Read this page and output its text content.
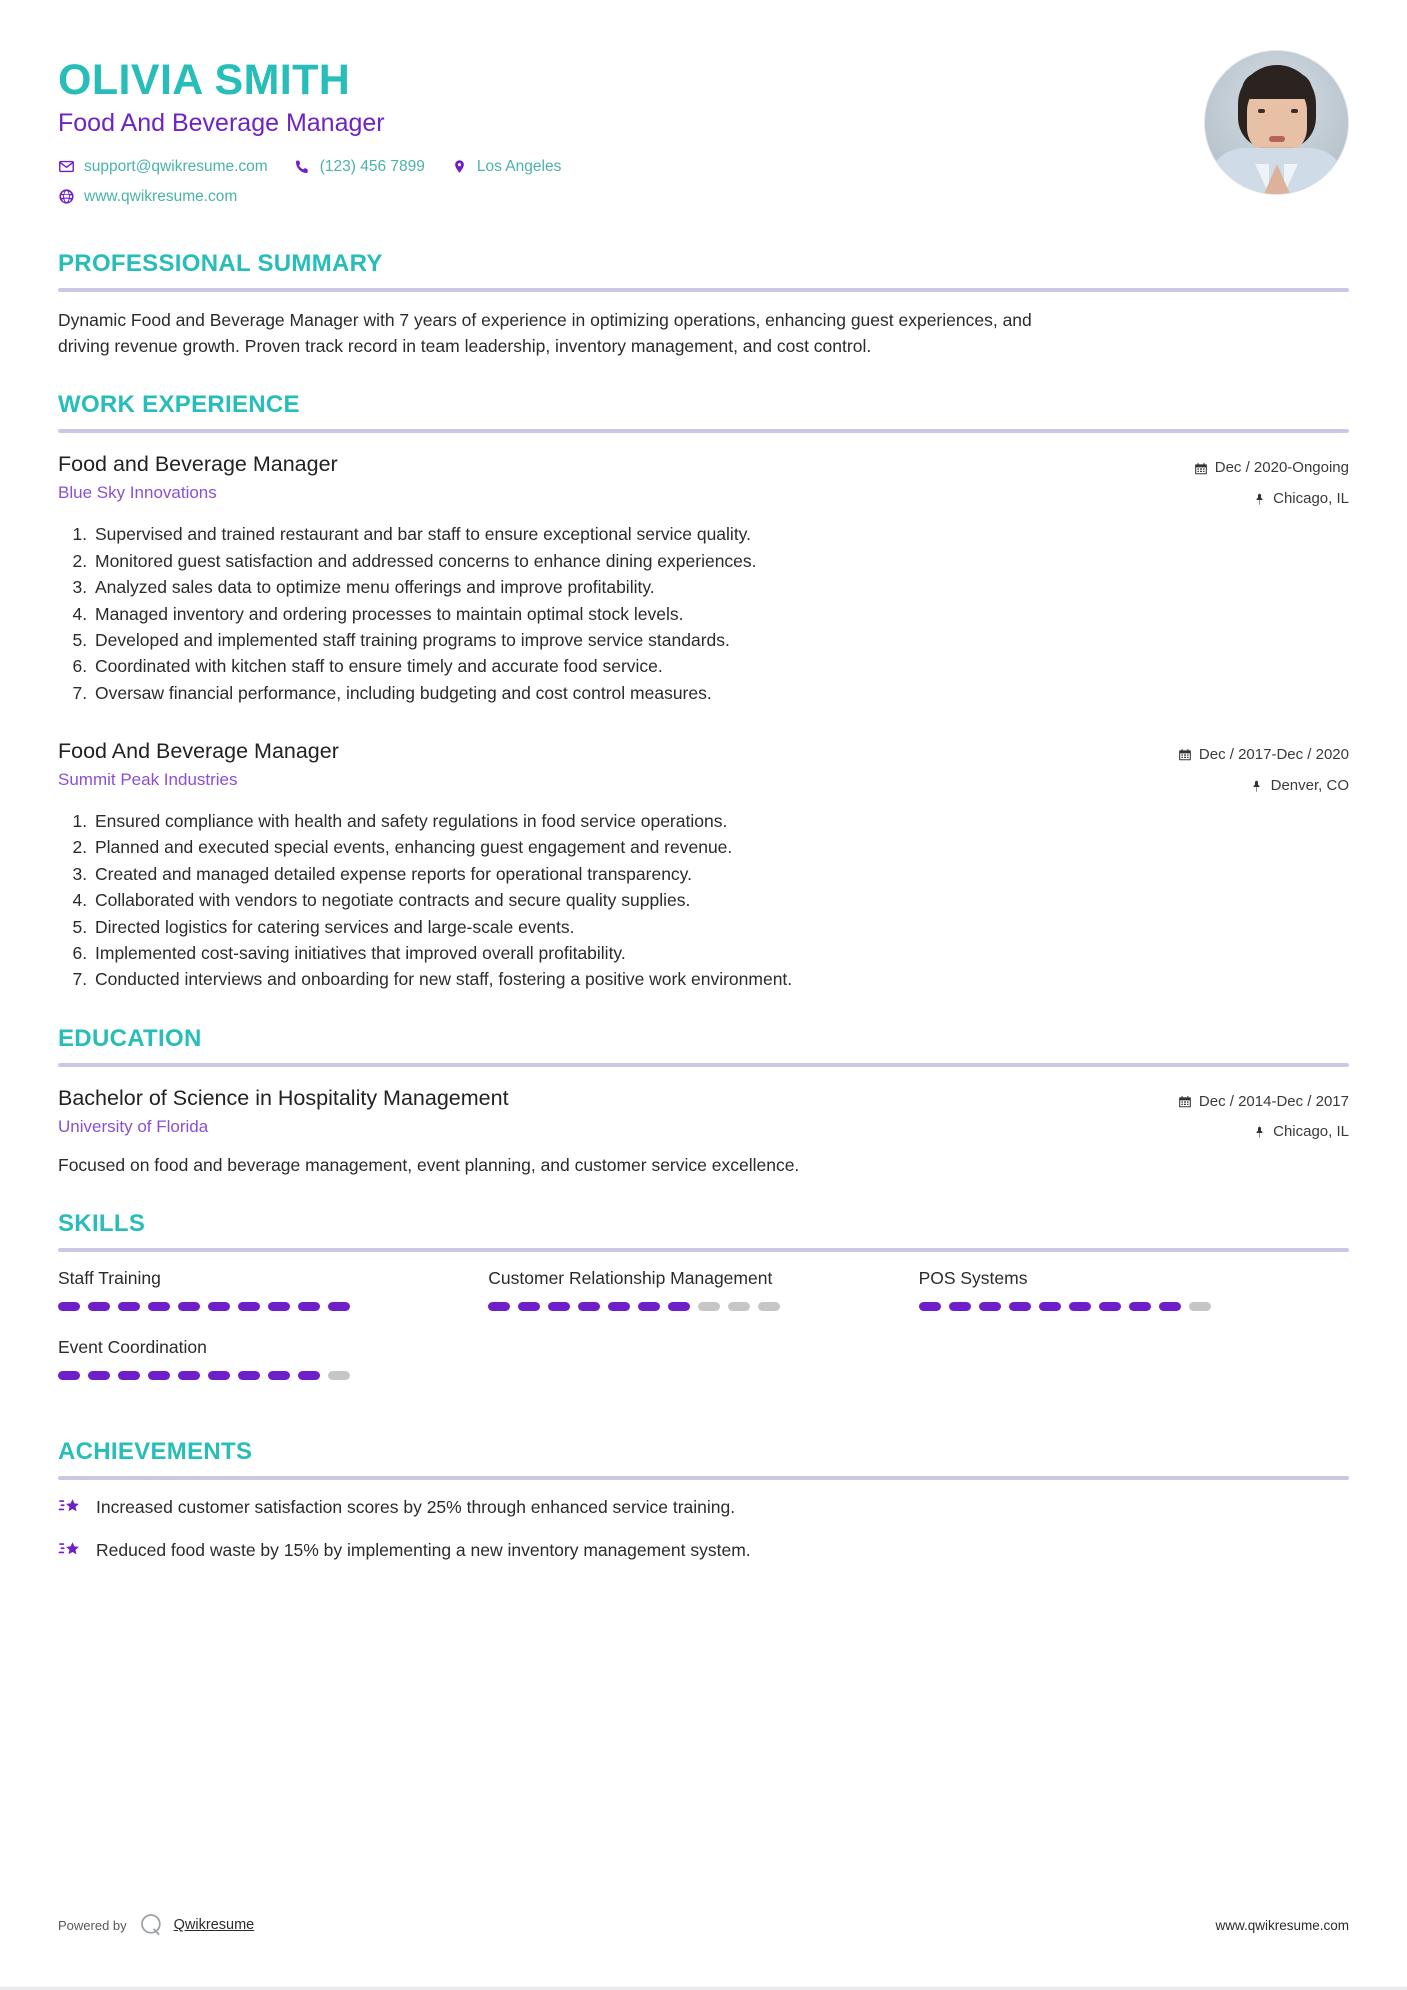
OLIVIA SMITH
Food And Beverage Manager
support@qwikresume.com	(123) 456 7899	Los Angeles
www.qwikresume.com
PROFESSIONAL SUMMARY

Dynamic Food and Beverage Manager with 7 years of experience in optimizing operations, enhancing guest experiences, and driving revenue growth. Proven track record in team leadership, inventory management, and cost control.

WORK EXPERIENCE
Food and Beverage Manager
Blue Sky Innovations
Dec / 2020-Ongoing
Chicago, IL
1. Supervised and trained restaurant and bar staff to ensure exceptional service quality.
2. Monitored guest satisfaction and addressed concerns to enhance dining experiences.
3. Analyzed sales data to optimize menu offerings and improve profitability.
4. Managed inventory and ordering processes to maintain optimal stock levels.
5. Developed and implemented staff training programs to improve service standards.
6. Coordinated with kitchen staff to ensure timely and accurate food service.
7. Oversaw financial performance, including budgeting and cost control measures.
Food And Beverage Manager
Summit Peak Industries
Dec / 2017-Dec / 2020
Denver, CO
1. Ensured compliance with health and safety regulations in food service operations.
2. Planned and executed special events, enhancing guest engagement and revenue.
3. Created and managed detailed expense reports for operational transparency.
4. Collaborated with vendors to negotiate contracts and secure quality supplies.
5. Directed logistics for catering services and large-scale events.
6. Implemented cost-saving initiatives that improved overall profitability.
7. Conducted interviews and onboarding for new staff, fostering a positive work environment.
EDUCATION
Bachelor of Science in Hospitality Management
University of Florida
Dec / 2014-Dec / 2017
Chicago, IL

Focused on food and beverage management, event planning, and customer service excellence.

SKILLS
Staff Training	Customer Relationship Management	POS Systems
Event Coordination
ACHIEVEMENTS
Increased customer satisfaction scores by 25% through enhanced service training.
Reduced food waste by 15% by implementing a new inventory management system.
Powered by	Qwikresume	www.qwikresume.com
